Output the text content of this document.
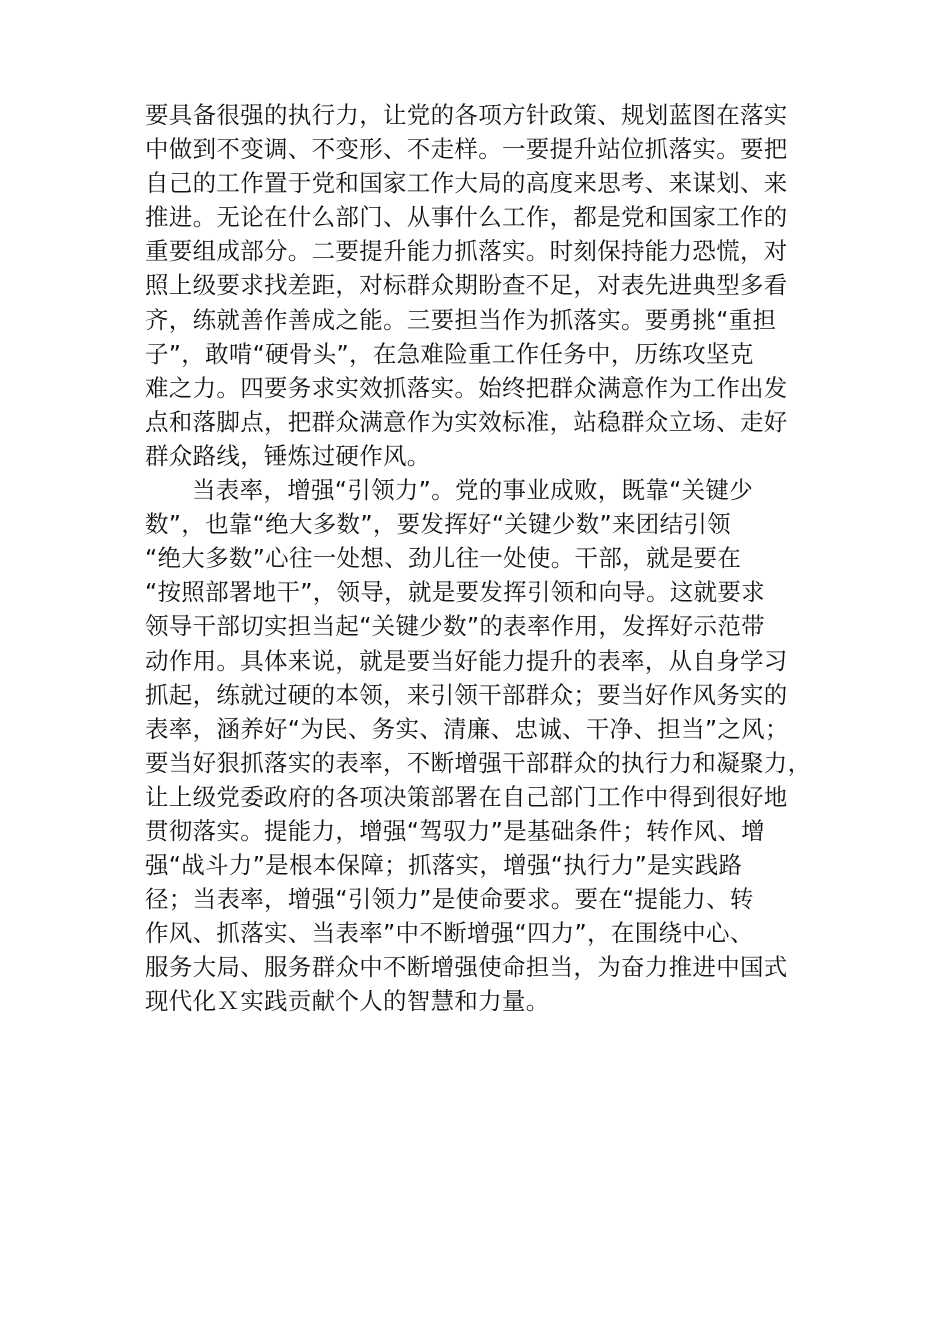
要具备很强的执行力，让党的各项方针政策、规划蓝图在落实
中做到不变调、不变形、不走样。一要提升站位抓落实。要把
自己的工作置于党和国家工作大局的高度来思考、来谋划、来
推进。无论在什么部门、从事什么工作，都是党和国家工作的
重要组成部分。二要提升能力抓落实。时刻保持能力恐慌，对
照上级要求找差距，对标群众期盼查不足，对表先进典型多看
齐，练就善作善成之能。三要担当作为抓落实。要勇挑“重担
子”，敢啃“硬骨头”，在急难险重工作任务中，历练攻坚克
难之力。四要务求实效抓落实。始终把群众满意作为工作出发
点和落脚点，把群众满意作为实效标准，站稳群众立场、走好
群众路线，锤炼过硬作风。
当表率，增强“引领力”。党的事业成败，既靠“关键少
数”，也靠“绝大多数”，要发挥好“关键少数”来团结引领
“绝大多数”心往一处想、劲儿往一处使。干部，就是要在
“按照部署地干”，领导，就是要发挥引领和向导。这就要求
领导干部切实担当起“关键少数”的表率作用，发挥好示范带
动作用。具体来说，就是要当好能力提升的表率，从自身学习
抓起，练就过硬的本领，来引领干部群众；要当好作风务实的
表率，涵养好“为民、务实、清廉、忠诚、干净、担当”之风；
要当好狠抓落实的表率，不断增强干部群众的执行力和凝聚力，
让上级党委政府的各项决策部署在自己部门工作中得到很好地
贯彻落实。提能力，增强“驾驭力”是基础条件；转作风、增
强“战斗力”是根本保障；抓落实，增强“执行力”是实践路
径；当表率，增强“引领力”是使命要求。要在“提能力、转
作风、抓落实、当表率”中不断增强“四力”，在围绕中心、
服务大局、服务群众中不断增强使命担当，为奋力推进中国式
现代化Ｘ实践贡献个人的智慧和力量。
